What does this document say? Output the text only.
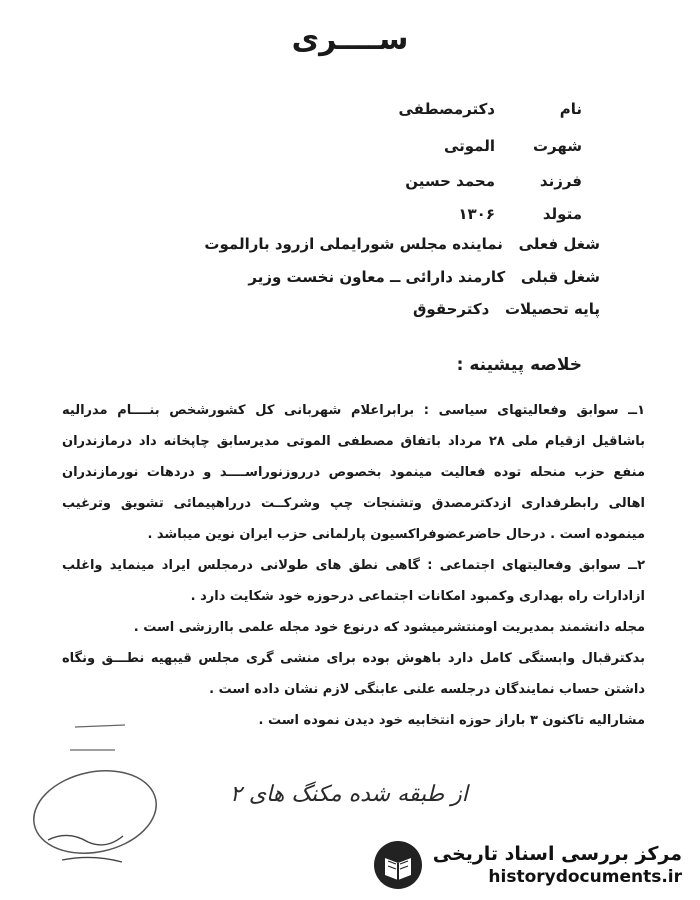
ســــری
نام
دکترمصطفی
شهرت
الموتی
فرزند
محمد حسین
متولد
۱۳۰۶
شغل فعلی   نماینده مجلس شورایملی ازرود بارالموت
شغل قبلی   کارمند دارائی ــ معاون نخست وزیر
پایه تحصیلات   دکترحقوق
خلاصه پیشینه :

۱ــ سوابق وفعالیتهای سیاسی : برابراعلام شهربانی کل کشورشخص بنــــام مدرالیه باشاقیل ازقیام ملی ۲۸ مرداد باتفاق مصطفی الموتی مدیرسابق چاپخانه داد درمازندران منفع حزب منحله توده فعالیت مینمود بخصوص درروزنوراســــد و دردهات نورمازندران اهالی رابطرفداری ازدکترمصدق وتشنجات چپ وشرکــت درراهپیمائی تشویق وترغیب مینموده است . درحال حاضرعضوفراکسیون پارلمانی حزب ایران نوین میباشد .

۲ــ سوابق وفعالیتهای اجتماعی : گاهی نطق های طولانی درمجلس ایراد مینماید واغلب ازادارات راه بهداری وکمبود امکانات اجتماعی درحوزه خود شکایت دارد .

مجله دانشمند بمدیریت اومنتشرمیشود که درنوع خود مجله علمی باارزشی است .

بدکترقبال وابستگی کامل دارد باهوش بوده برای منشی گری مجلس قیبهیه نطـــق ونگاه داشتن حساب نمایندگان درجلسه علنی عابنگی لازم نشان داده است .

مشارالیه تاکنون ۳ باراز حوزه انتخابیه خود دیدن نموده است .

از طبقه شده مکنگ های ۲
مرکز بررسی اسناد تاریخی
historydocuments.ir
